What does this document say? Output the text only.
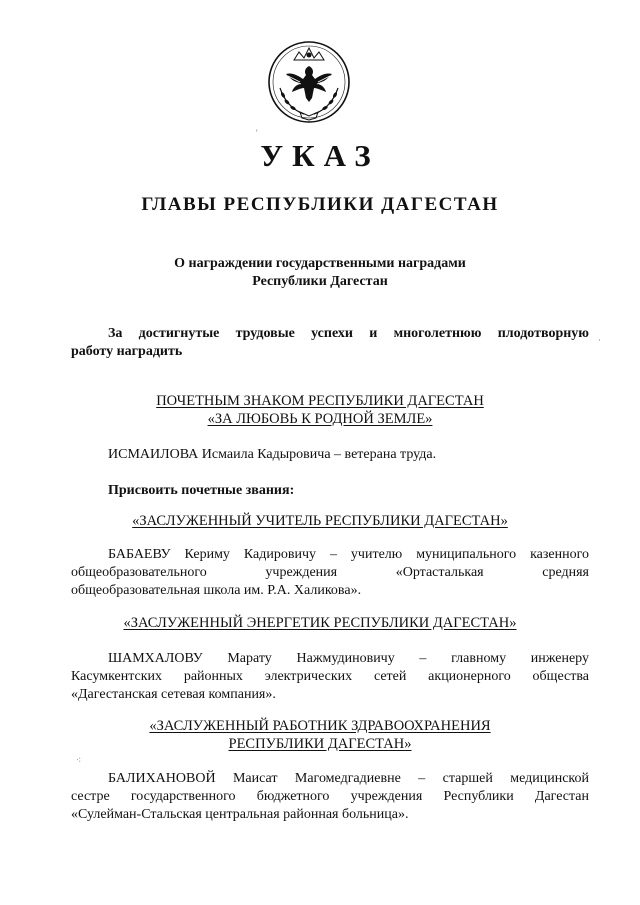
УКАЗ
ГЛАВЫ РЕСПУБЛИКИ ДАГЕСТАН
О награждении государственными наградами
Республики Дагестан
За достигнутые трудовые успехи и многолетнюю плодотворную
работу наградить
ПОЧЕТНЫМ ЗНАКОМ РЕСПУБЛИКИ ДАГЕСТАН
«ЗА ЛЮБОВЬ К РОДНОЙ ЗЕМЛЕ»
ИСМАИЛОВА Исмаила Кадыровича – ветерана труда.
Присвоить почетные звания:
«ЗАСЛУЖЕННЫЙ УЧИТЕЛЬ РЕСПУБЛИКИ ДАГЕСТАН»
БАБАЕВУ Кериму Кадировичу – учителю муниципального казенного
общеобразовательного учреждения «Ортасталькая средняя
общеобразовательная школа им. Р.А. Халикова».
«ЗАСЛУЖЕННЫЙ ЭНЕРГЕТИК РЕСПУБЛИКИ ДАГЕСТАН»
ШАМХАЛОВУ Марату Нажмудиновичу – главному инженеру
Касумкентских районных электрических сетей акционерного общества
«Дагестанская сетевая компания».
«ЗАСЛУЖЕННЫЙ РАБОТНИК ЗДРАВООХРАНЕНИЯ
РЕСПУБЛИКИ ДАГЕСТАН»
БАЛИХАНОВОЙ Маисат Магомедгадиевне – старшей медицинской
сестре государственного бюджетного учреждения Республики Дагестан
«Сулейман-Стальская центральная районная больница».
'
⁖
·
